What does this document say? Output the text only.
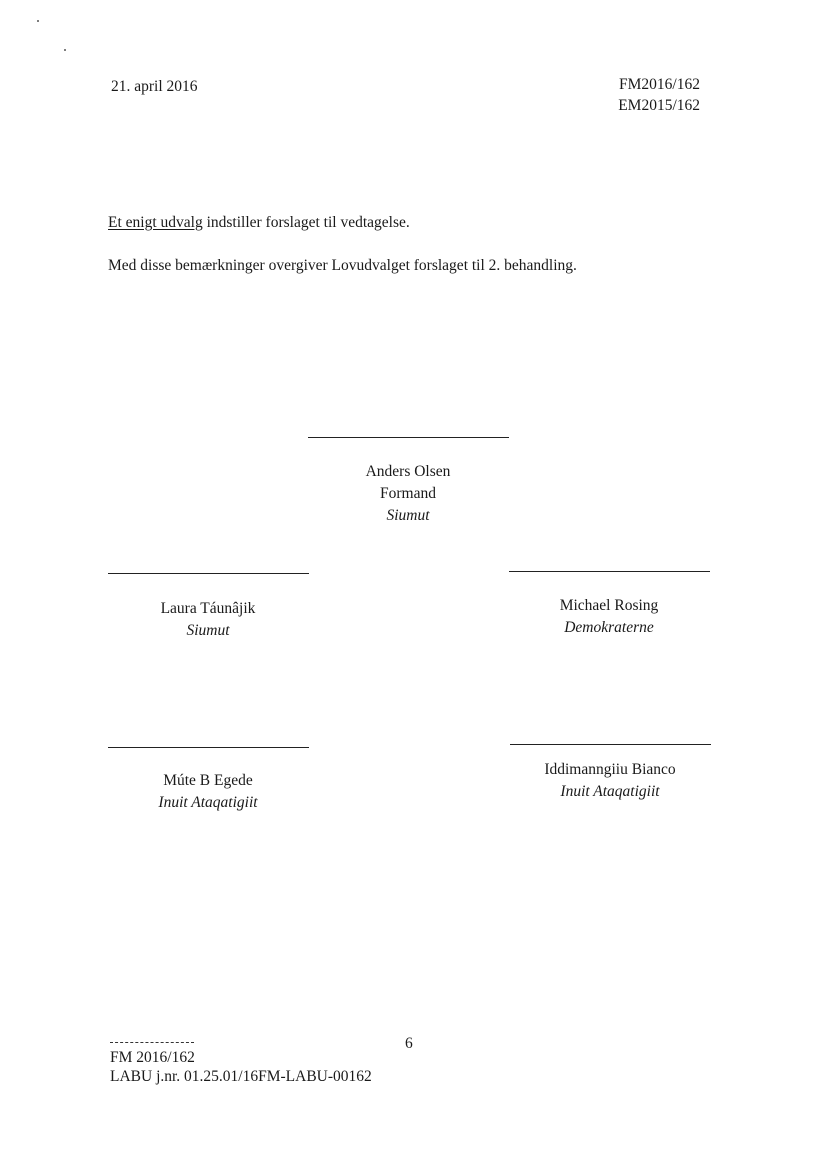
21. april 2016	FM2016/162
EM2015/162
Et enigt udvalg indstiller forslaget til vedtagelse.
Med disse bemærkninger overgiver Lovudvalget forslaget til 2. behandling.
Anders Olsen
Formand
Siumut
Laura Táunâjik
Siumut
Michael Rosing
Demokraterne
Múte B Egede
Inuit Ataqatigiit
Iddimanngiiu Bianco
Inuit Ataqatigiit
6
FM 2016/162
LABU j.nr. 01.25.01/16FM-LABU-00162
